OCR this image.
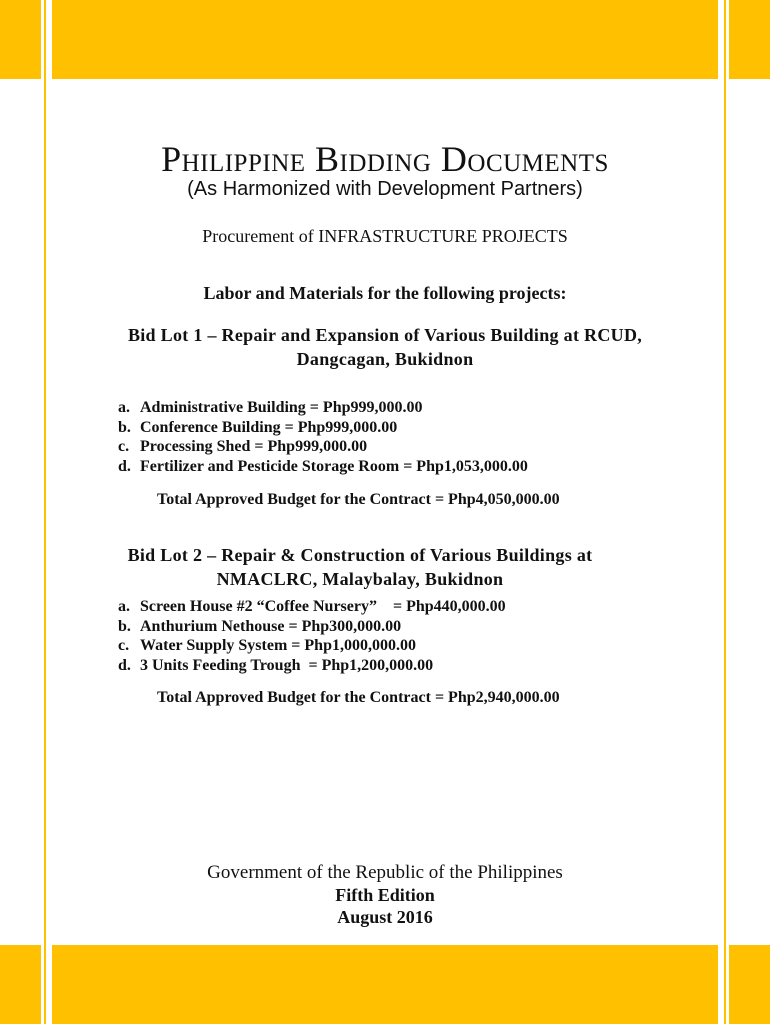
Philippine Bidding Documents
(As Harmonized with Development Partners)
Procurement of INFRASTRUCTURE PROJECTS
Labor and Materials for the following projects:
Bid Lot 1 – Repair and Expansion of Various Building at RCUD, Dangcagan, Bukidnon
a. Administrative Building = Php999,000.00
b. Conference Building = Php999,000.00
c. Processing Shed = Php999,000.00
d. Fertilizer and Pesticide Storage Room = Php1,053,000.00
Total Approved Budget for the Contract = Php4,050,000.00
Bid Lot 2 – Repair & Construction of Various Buildings at NMACLRC, Malaybalay, Bukidnon
a. Screen House #2 “Coffee Nursery”    = Php440,000.00
b. Anthurium Nethouse = Php300,000.00
c. Water Supply System = Php1,000,000.00
d. 3 Units Feeding Trough  = Php1,200,000.00
Total Approved Budget for the Contract = Php2,940,000.00
Government of the Republic of the Philippines
Fifth Edition
August 2016
